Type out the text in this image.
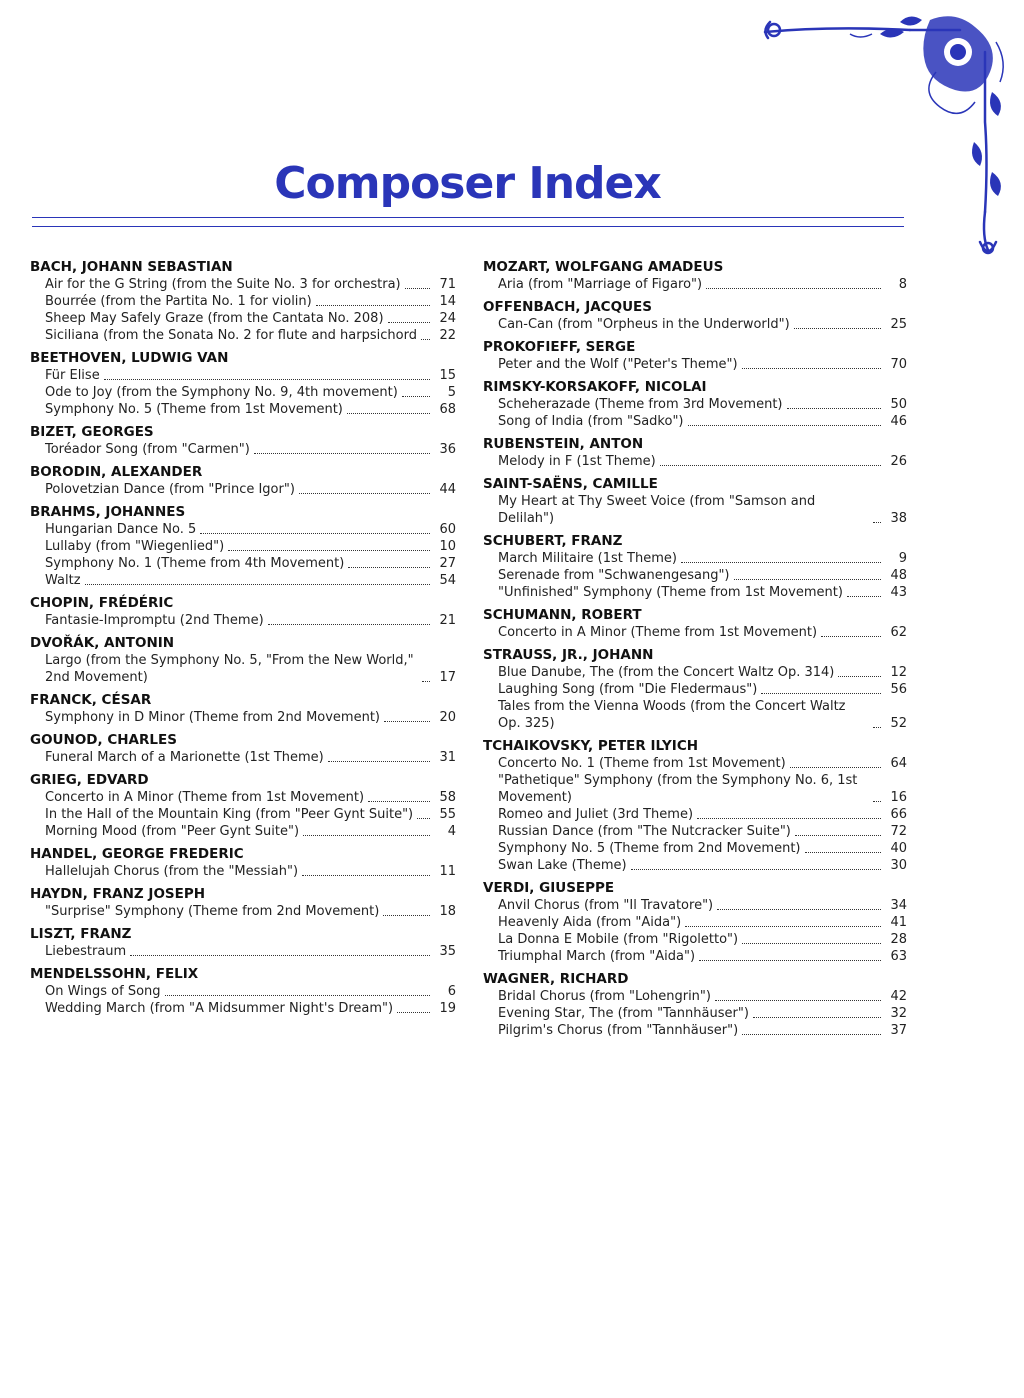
Composer Index
BACH, JOHANN SEBASTIAN
Air for the G String (from the Suite No. 3 for orchestra)	71
Bourrée (from the Partita No. 1 for violin)	14
Sheep May Safely Graze (from the Cantata No. 208)	24
Siciliana (from the Sonata No. 2 for flute and harpsichord	22
BEETHOVEN, LUDWIG VAN
Für Elise	15
Ode to Joy (from the Symphony No. 9, 4th movement)	5
Symphony No. 5 (Theme from 1st Movement)	68
BIZET, GEORGES
Toréador Song (from "Carmen")	36
BORODIN, ALEXANDER
Polovetzian Dance (from "Prince Igor")	44
BRAHMS, JOHANNES
Hungarian Dance No. 5	60
Lullaby (from "Wiegenlied")	10
Symphony No. 1 (Theme from 4th Movement)	27
Waltz	54
CHOPIN, FRÉDÉRIC
Fantasie-Impromptu (2nd Theme)	21
DVOŘÁK, ANTONIN
Largo (from the Symphony No. 5, "From the New World," 2nd Movement)	17
FRANCK, CÉSAR
Symphony in D Minor (Theme from 2nd Movement)	20
GOUNOD, CHARLES
Funeral March of a Marionette (1st Theme)	31
GRIEG, EDVARD
Concerto in A Minor (Theme from 1st Movement)	58
In the Hall of the Mountain King (from "Peer Gynt Suite")	55
Morning Mood (from "Peer Gynt Suite")	4
HANDEL, GEORGE FREDERIC
Hallelujah Chorus (from the "Messiah")	11
HAYDN, FRANZ JOSEPH
"Surprise" Symphony (Theme from 2nd Movement)	18
LISZT, FRANZ
Liebestraum	35
MENDELSSOHN, FELIX
On Wings of Song	6
Wedding March (from "A Midsummer Night's Dream")	19
MOZART, WOLFGANG AMADEUS
Aria (from "Marriage of Figaro")	8
OFFENBACH, JACQUES
Can-Can (from "Orpheus in the Underworld")	25
PROKOFIEFF, SERGE
Peter and the Wolf ("Peter's Theme")	70
RIMSKY-KORSAKOFF, NICOLAI
Scheherazade (Theme from 3rd Movement)	50
Song of India (from "Sadko")	46
RUBENSTEIN, ANTON
Melody in F (1st Theme)	26
SAINT-SAËNS, CAMILLE
My Heart at Thy Sweet Voice (from "Samson and Delilah")	38
SCHUBERT, FRANZ
March Militaire (1st Theme)	9
Serenade from "Schwanengesang")	48
"Unfinished" Symphony (Theme from 1st Movement)	43
SCHUMANN, ROBERT
Concerto in A Minor (Theme from 1st Movement)	62
STRAUSS, JR., JOHANN
Blue Danube, The (from the Concert Waltz Op. 314)	12
Laughing Song (from "Die Fledermaus")	56
Tales from the Vienna Woods (from the Concert Waltz Op. 325)	52
TCHAIKOVSKY, PETER ILYICH
Concerto No. 1 (Theme from 1st Movement)	64
"Pathetique" Symphony (from the Symphony No. 6, 1st Movement)	16
Romeo and Juliet (3rd Theme)	66
Russian Dance (from "The Nutcracker Suite")	72
Symphony No. 5 (Theme from 2nd Movement)	40
Swan Lake (Theme)	30
VERDI, GIUSEPPE
Anvil Chorus (from "Il Travatore")	34
Heavenly Aida (from "Aida")	41
La Donna E Mobile (from "Rigoletto")	28
Triumphal March (from "Aida")	63
WAGNER, RICHARD
Bridal Chorus (from "Lohengrin")	42
Evening Star, The (from "Tannhäuser")	32
Pilgrim's Chorus (from "Tannhäuser")	37
